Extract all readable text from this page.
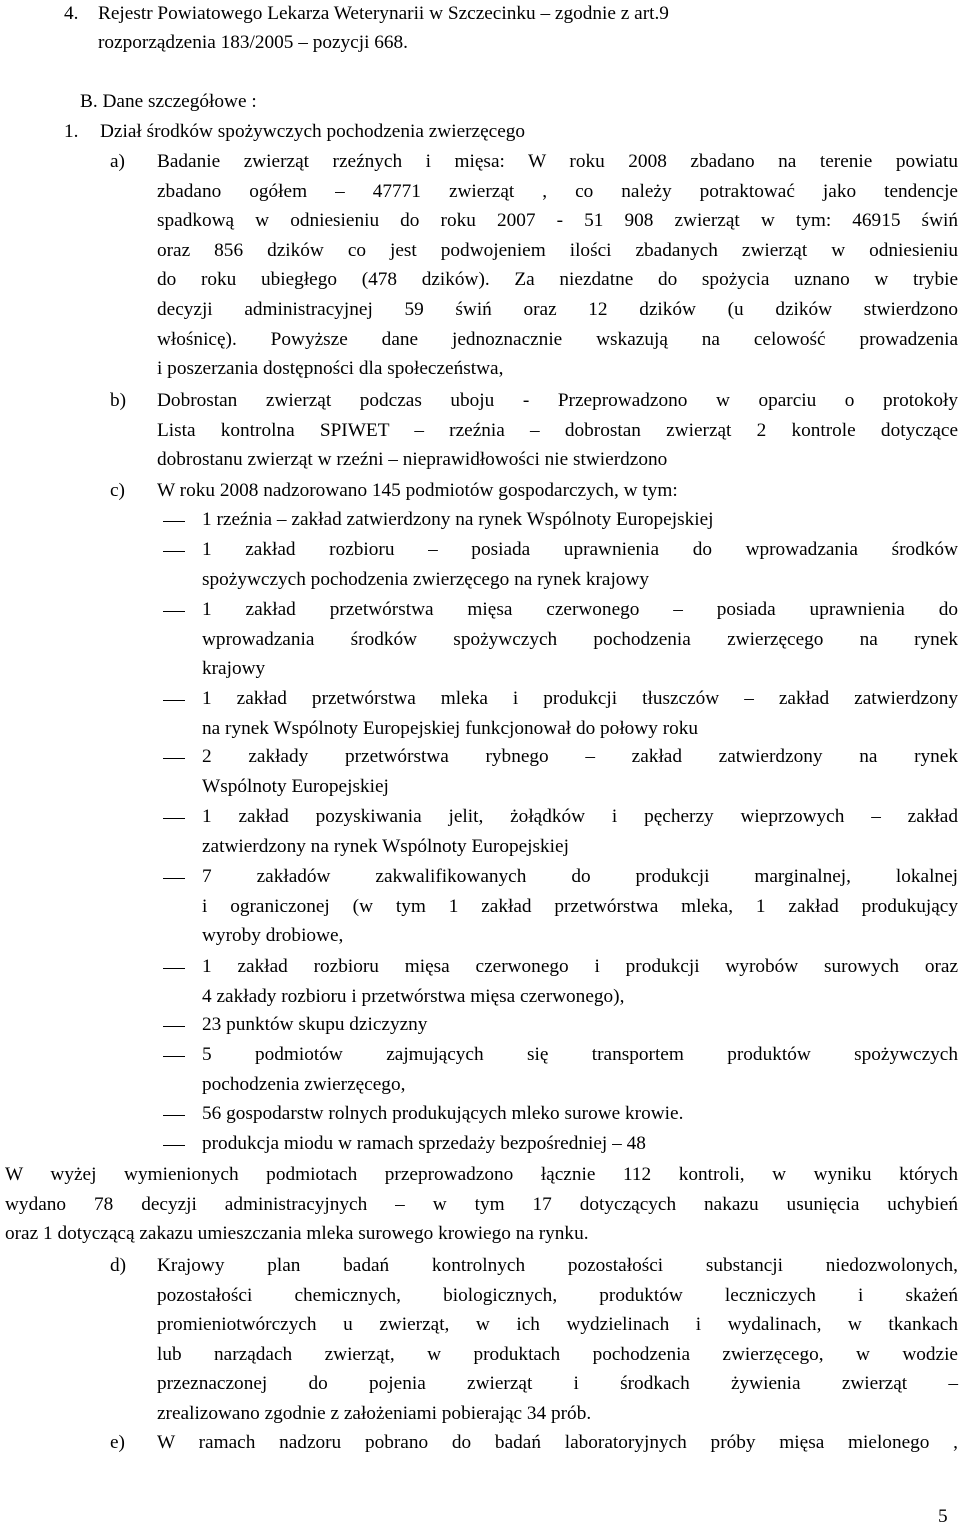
4. Rejestr Powiatowego Lekarza Weterynarii w Szczecinku – zgodnie z art.9
rozporządzenia 183/2005 – pozycji 668.
B. Dane szczegółowe :
1. Dział środków spożywczych pochodzenia zwierzęcego
a) Badanie zwierząt rzeźnych i mięsa: W roku 2008 zbadano na terenie powiatu
zbadano ogółem – 47771 zwierząt , co należy potraktować jako tendencje
spadkową w odniesieniu do roku 2007 - 51 908 zwierząt w tym: 46915 świń
oraz 856 dzików co jest podwojeniem ilości zbadanych zwierząt w odniesieniu
do roku ubiegłego (478 dzików). Za niezdatne do spożycia uznano w trybie
decyzji administracyjnej 59 świń oraz 12 dzików (u dzików stwierdzono
włośnicę). Powyższe dane jednoznacznie wskazują na celowość prowadzenia
i poszerzania dostępności dla społeczeństwa,
b) Dobrostan zwierząt podczas uboju - Przeprowadzono w oparciu o protokoły
Lista kontrolna SPIWET – rzeźnia – dobrostan zwierząt 2 kontrole dotyczące
dobrostanu zwierząt w rzeźni – nieprawidłowości nie stwierdzono
c) W roku 2008 nadzorowano 145 podmiotów gospodarczych, w tym:
1 rzeźnia – zakład zatwierdzony na rynek Wspólnoty Europejskiej
1 zakład rozbioru – posiada uprawnienia do wprowadzania środków
spożywczych pochodzenia zwierzęcego na rynek krajowy
1 zakład przetwórstwa mięsa czerwonego – posiada uprawnienia do
wprowadzania środków spożywczych pochodzenia zwierzęcego na rynek
krajowy
1 zakład przetwórstwa mleka i produkcji tłuszczów – zakład zatwierdzony
na rynek Wspólnoty Europejskiej funkcjonował do połowy roku
2 zakłady przetwórstwa rybnego – zakład zatwierdzony na rynek
Wspólnoty Europejskiej
1 zakład pozyskiwania jelit, żołądków i pęcherzy wieprzowych – zakład
zatwierdzony na rynek Wspólnoty Europejskiej
7 zakładów zakwalifikowanych do produkcji marginalnej, lokalnej
i ograniczonej (w tym 1 zakład przetwórstwa mleka, 1 zakład produkujący
wyroby drobiowe,
1 zakład rozbioru mięsa czerwonego i produkcji wyrobów surowych oraz
4 zakłady rozbioru i przetwórstwa mięsa czerwonego),
23 punktów skupu dziczyzny
5 podmiotów zajmujących się transportem produktów spożywczych
pochodzenia zwierzęcego,
56 gospodarstw rolnych produkujących mleko surowe krowie.
produkcja miodu w ramach sprzedaży bezpośredniej – 48
W wyżej wymienionych podmiotach przeprowadzono łącznie 112 kontroli, w wyniku których
wydano 78 decyzji administracyjnych – w tym 17 dotyczących nakazu usunięcia uchybień
oraz 1 dotyczącą zakazu umieszczania mleka surowego krowiego na rynku.
d) Krajowy plan badań kontrolnych pozostałości substancji niedozwolonych,
pozostałości chemicznych, biologicznych, produktów leczniczych i skażeń
promieniotwórczych u zwierząt, w ich wydzielinach i wydalinach, w tkankach
lub narządach zwierząt, w produktach pochodzenia zwierzęcego, w wodzie
przeznaczonej do pojenia zwierząt i środkach żywienia zwierząt –
zrealizowano zgodnie z założeniami pobierając 34 prób.
e) W ramach nadzoru pobrano do badań laboratoryjnych próby mięsa mielonego ,
5
